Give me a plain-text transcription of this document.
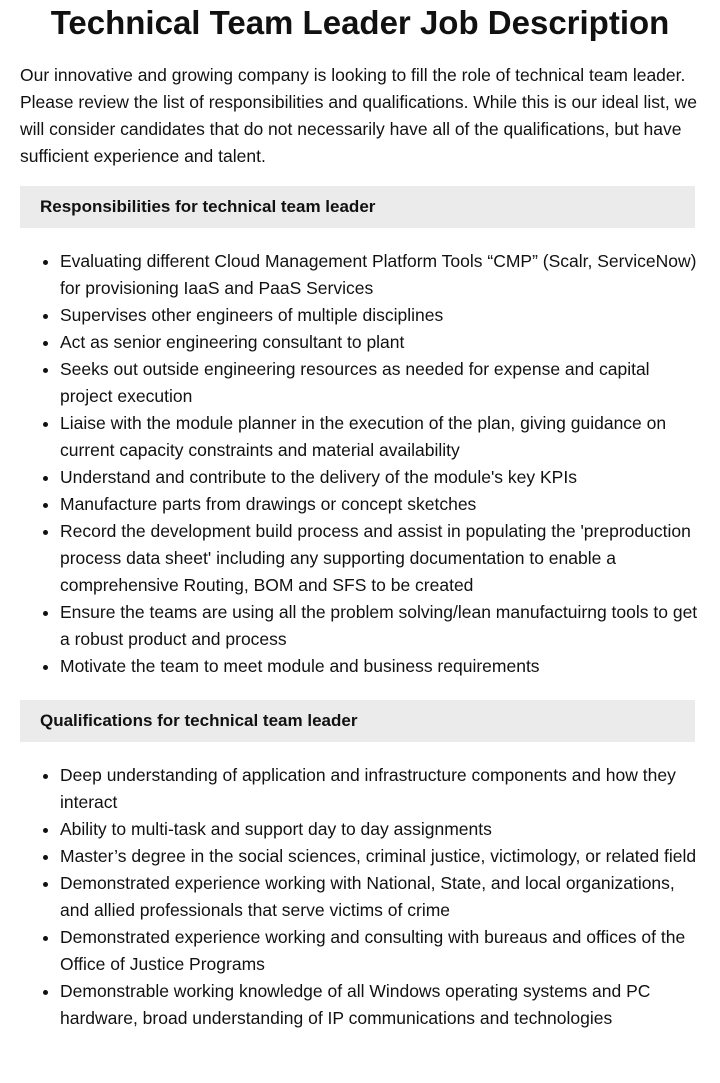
Technical Team Leader Job Description

Our innovative and growing company is looking to fill the role of technical team leader. Please review the list of responsibilities and qualifications. While this is our ideal list, we will consider candidates that do not necessarily have all of the qualifications, but have sufficient experience and talent.

Responsibilities for technical team leader
• Evaluating different Cloud Management Platform Tools “CMP” (Scalr, ServiceNow) for provisioning IaaS and PaaS Services
• Supervises other engineers of multiple disciplines
• Act as senior engineering consultant to plant
• Seeks out outside engineering resources as needed for expense and capital project execution
• Liaise with the module planner in the execution of the plan, giving guidance on current capacity constraints and material availability
• Understand and contribute to the delivery of the module's key KPIs
• Manufacture parts from drawings or concept sketches
• Record the development build process and assist in populating the 'preproduction process data sheet' including any supporting documentation to enable a comprehensive Routing, BOM and SFS to be created
• Ensure the teams are using all the problem solving/lean manufactuirng tools to get a robust product and process
• Motivate the team to meet module and business requirements
Qualifications for technical team leader
• Deep understanding of application and infrastructure components and how they interact
• Ability to multi-task and support day to day assignments
• Master’s degree in the social sciences, criminal justice, victimology, or related field
• Demonstrated experience working with National, State, and local organizations, and allied professionals that serve victims of crime
• Demonstrated experience working and consulting with bureaus and offices of the Office of Justice Programs
• Demonstrable working knowledge of all Windows operating systems and PC hardware, broad understanding of IP communications and technologies
